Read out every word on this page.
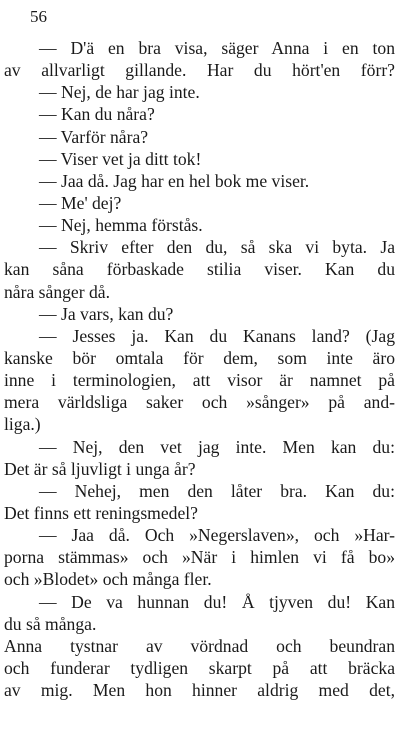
56
— D'ä en bra visa, säger Anna i en ton
av allvarligt gillande. Har du hört'en förr?
— Nej, de har jag inte.
— Kan du nåra?
— Varför nåra?
— Viser vet ja ditt tok!
— Jaa då. Jag har en hel bok me viser.
— Me' dej?
— Nej, hemma förstås.
— Skriv efter den du, så ska vi byta. Ja
kan såna förbaskade stilia viser. Kan du
nåra sånger då.
— Ja vars, kan du?
— Jesses ja. Kan du Kanans land? (Jag
kanske bör omtala för dem, som inte äro
inne i terminologien, att visor är namnet på
mera världsliga saker och »sånger» på and-
liga.)
— Nej, den vet jag inte. Men kan du:
Det är så ljuvligt i unga år?
— Nehej, men den låter bra. Kan du:
Det finns ett reningsmedel?
— Jaa då. Och »Negerslaven», och »Har-
porna stämmas» och »När i himlen vi få bo»
och »Blodet» och många fler.
— De va hunnan du! Å tjyven du! Kan
du så många.
Anna tystnar av vördnad och beundran
och funderar tydligen skarpt på att bräcka
av mig. Men hon hinner aldrig med det,
